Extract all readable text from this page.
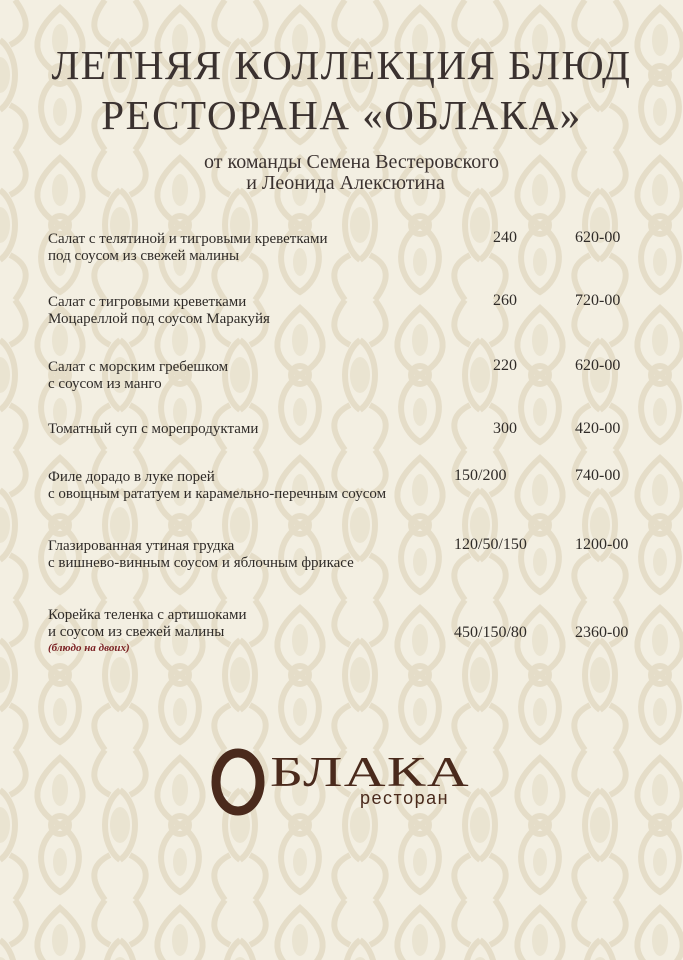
ЛЕТНЯЯ КОЛЛЕКЦИЯ БЛЮД
РЕСТОРАНА «ОБЛАКА»
от команды Семена Вестеровского
и Леонида Алексютина
Салат с телятиной и тигровыми креветками
под соусом из свежей малины
240	620-00
Салат с тигровыми креветками
Моцареллой под соусом Маракуйя
260	720-00
Салат с морским гребешком
с соусом из манго
220	620-00
Томатный суп с морепродуктами	300	420-00
Филе дорадо в луке порей
с овощным рататуем и карамельно-перечным соусом
150/200	740-00
Глазированная утиная грудка
с вишнево-винным соусом и яблочным фрикасе
120/50/150	1200-00
Корейка теленка с артишоками
и соусом из свежей малины
(блюдо на двоих)
450/150/80	2360-00
БЛАКА
ресторан
